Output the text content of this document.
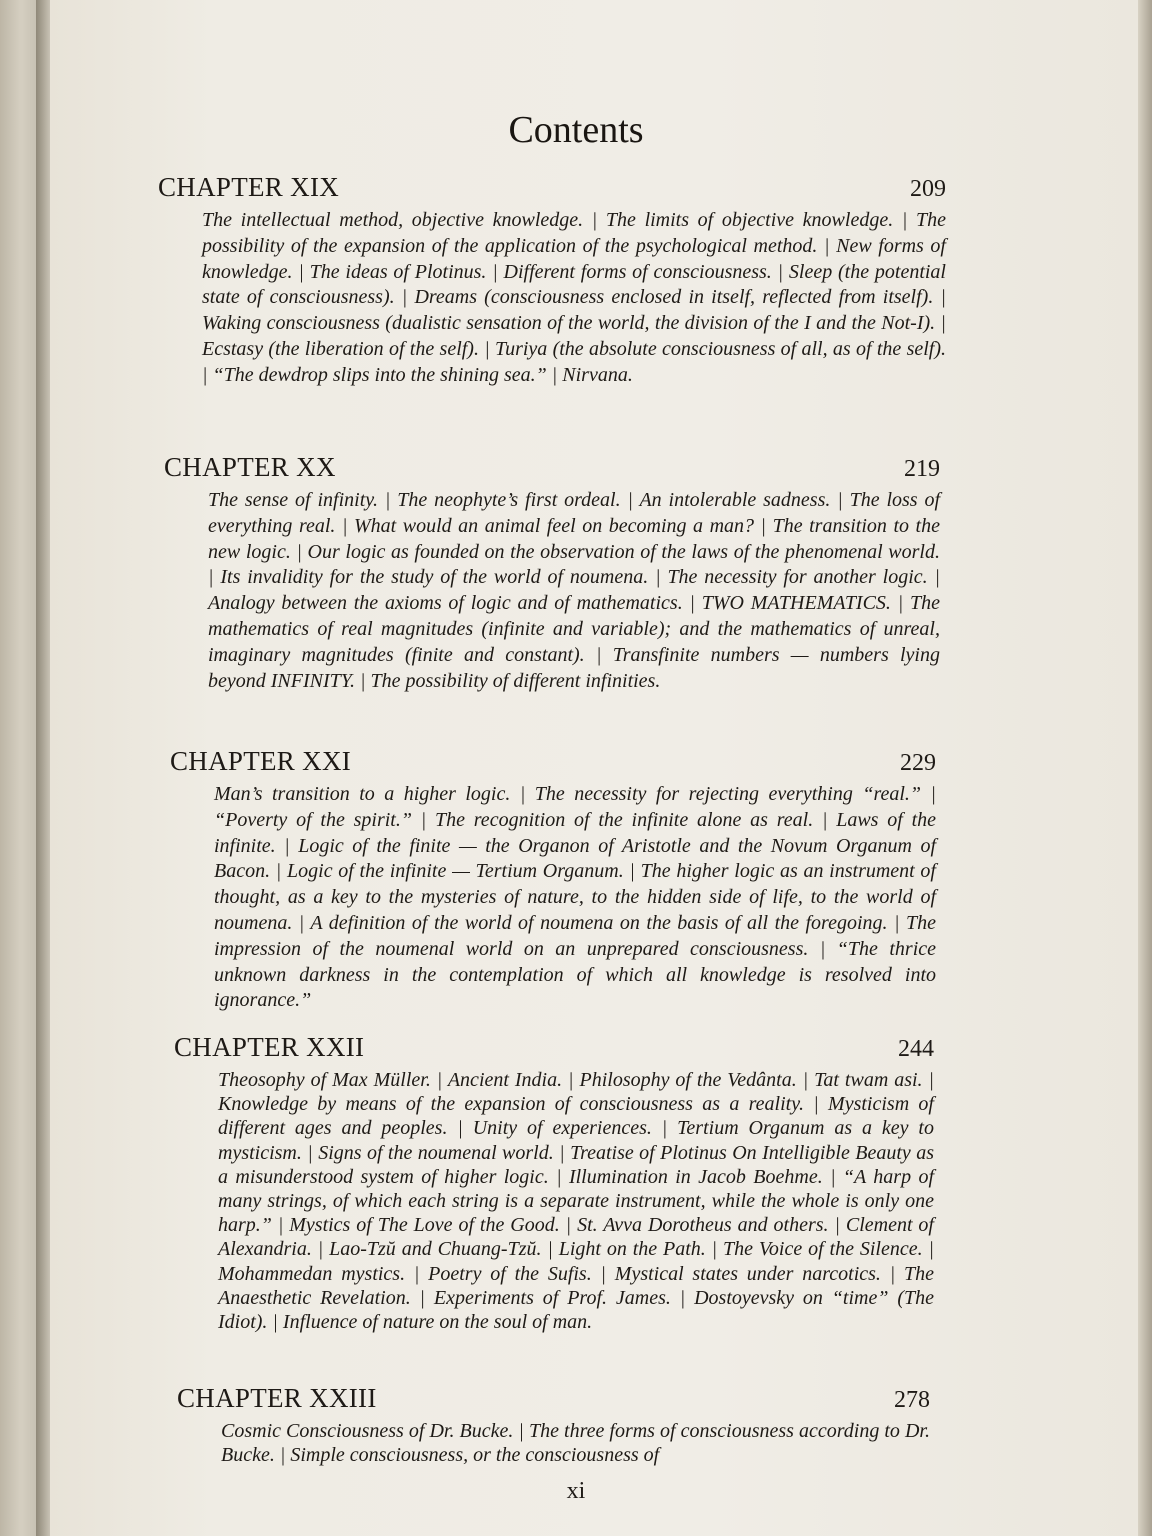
Contents
CHAPTER XIX	209
The intellectual method, objective knowledge. | The limits of objective knowledge. | The possibility of the expansion of the application of the psychological method. | New forms of knowledge. | The ideas of Plotinus. | Different forms of consciousness. | Sleep (the potential state of consciousness). | Dreams (consciousness enclosed in itself, reflected from itself). | Waking consciousness (dualistic sensation of the world, the division of the I and the Not-I). | Ecstasy (the liberation of the self). | Turiya (the absolute consciousness of all, as of the self). | “The dewdrop slips into the shining sea.” | Nirvana.
CHAPTER XX	219
The sense of infinity. | The neophyte’s first ordeal. | An intolerable sadness. | The loss of everything real. | What would an animal feel on becoming a man? | The transition to the new logic. | Our logic as founded on the observation of the laws of the phenomenal world. | Its invalidity for the study of the world of noumena. | The necessity for another logic. | Analogy between the axioms of logic and of mathematics. | TWO MATHEMATICS. | The mathematics of real magnitudes (infinite and variable); and the mathematics of unreal, imaginary magnitudes (finite and constant). | Transfinite numbers — numbers lying beyond INFINITY. | The possibility of different infinities.
CHAPTER XXI	229
Man’s transition to a higher logic. | The necessity for rejecting everything “real.” | “Poverty of the spirit.” | The recognition of the infinite alone as real. | Laws of the infinite. | Logic of the finite — the Organon of Aristotle and the Novum Organum of Bacon. | Logic of the infinite — Tertium Organum. | The higher logic as an instrument of thought, as a key to the mysteries of nature, to the hidden side of life, to the world of noumena. | A definition of the world of noumena on the basis of all the foregoing. | The impression of the noumenal world on an unprepared consciousness. | “The thrice unknown darkness in the contemplation of which all knowledge is resolved into ignorance.”
CHAPTER XXII	244
Theosophy of Max Müller. | Ancient India. | Philosophy of the Vedânta. | Tat twam asi. | Knowledge by means of the expansion of consciousness as a reality. | Mysticism of different ages and peoples. | Unity of experiences. | Tertium Organum as a key to mysticism. | Signs of the noumenal world. | Treatise of Plotinus On Intelligible Beauty as a misunderstood system of higher logic. | Illumination in Jacob Boehme. | “A harp of many strings, of which each string is a separate instrument, while the whole is only one harp.” | Mystics of The Love of the Good. | St. Avva Dorotheus and others. | Clement of Alexandria. | Lao-Tzŭ and Chuang-Tzŭ. | Light on the Path. | The Voice of the Silence. | Mohammedan mystics. | Poetry of the Sufis. | Mystical states under narcotics. | The Anaesthetic Revelation. | Experiments of Prof. James. | Dostoyevsky on “time” (The Idiot). | Influence of nature on the soul of man.
CHAPTER XXIII	278
Cosmic Consciousness of Dr. Bucke. | The three forms of consciousness according to Dr. Bucke. | Simple consciousness, or the consciousness of
xi
